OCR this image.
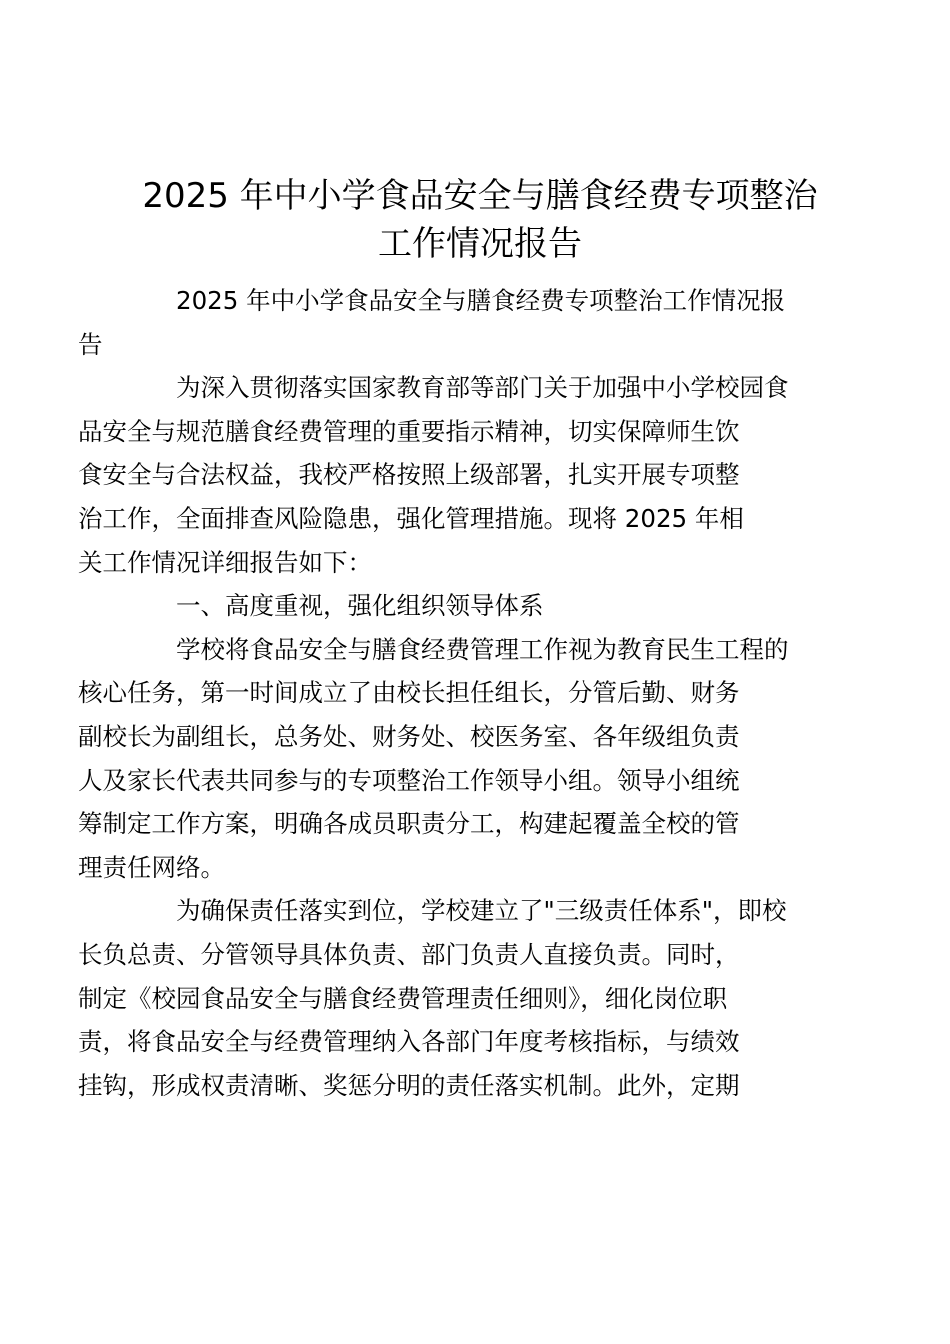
2025 年中小学食品安全与膳食经费专项整治
工作情况报告

2025 年中小学食品安全与膳食经费专项整治工作情况报
告

为深入贯彻落实国家教育部等部门关于加强中小学校园食
品安全与规范膳食经费管理的重要指示精神，切实保障师生饮
食安全与合法权益，我校严格按照上级部署，扎实开展专项整
治工作，全面排查风险隐患，强化管理措施。现将 2025 年相
关工作情况详细报告如下：

一、高度重视，强化组织领导体系

学校将食品安全与膳食经费管理工作视为教育民生工程的
核心任务，第一时间成立了由校长担任组长，分管后勤、财务
副校长为副组长，总务处、财务处、校医务室、各年级组负责
人及家长代表共同参与的专项整治工作领导小组。领导小组统
筹制定工作方案，明确各成员职责分工，构建起覆盖全校的管
理责任网络。

为确保责任落实到位，学校建立了"三级责任体系"，即校
长负总责、分管领导具体负责、部门负责人直接负责。同时，
制定《校园食品安全与膳食经费管理责任细则》，细化岗位职
责，将食品安全与经费管理纳入各部门年度考核指标，与绩效
挂钩，形成权责清晰、奖惩分明的责任落实机制。此外，定期
